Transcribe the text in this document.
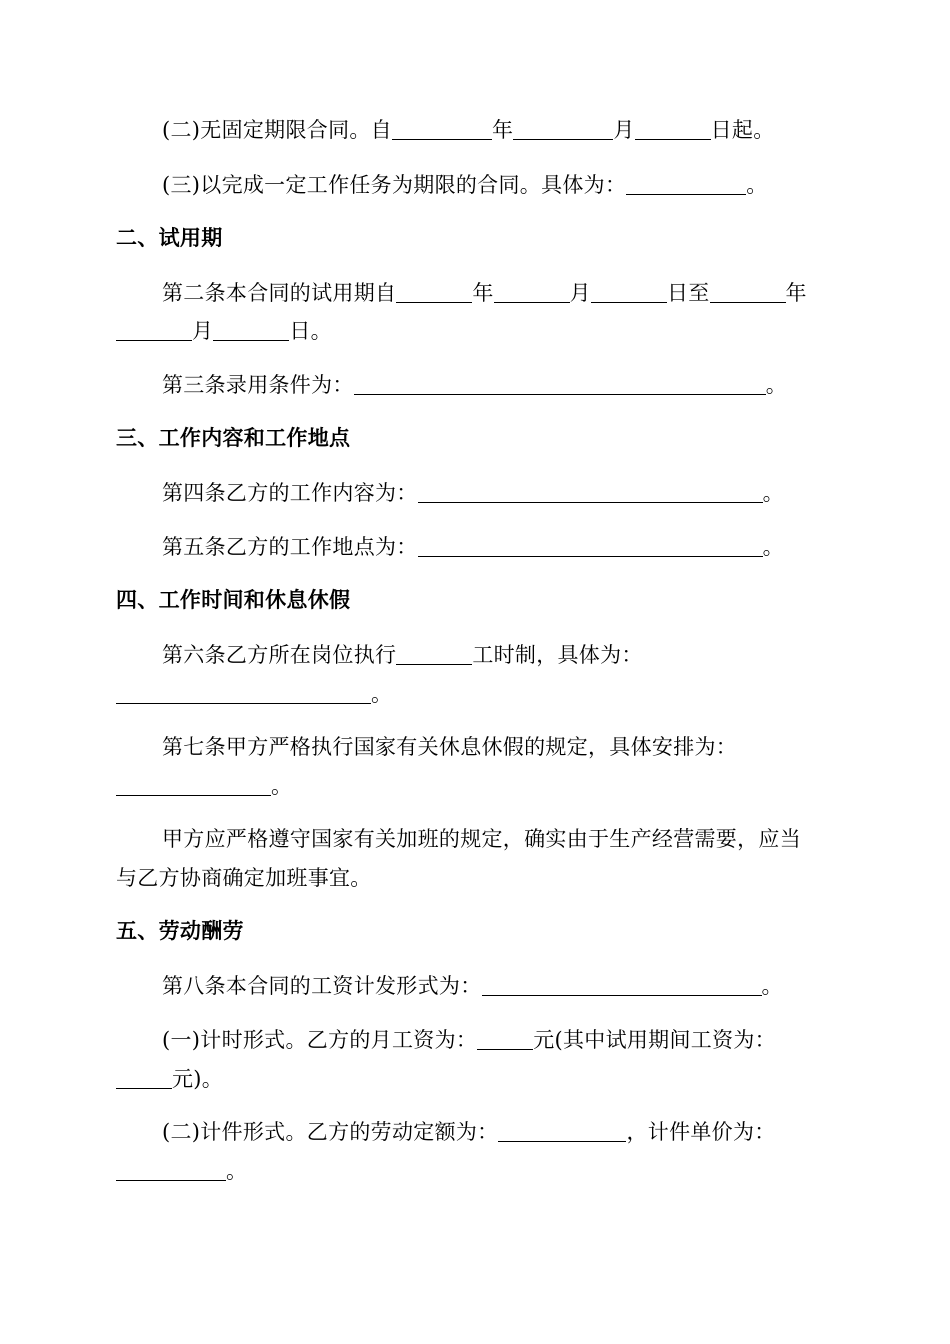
(二)无固定期限合同。自	年	月	日起。
(三)以完成一定工作任务为期限的合同。具体为：	。
二、试用期
第二条本合同的试用期自	年	月	日至	年
月	日。
第三条录用条件为：	。
三、工作内容和工作地点
第四条乙方的工作内容为：	。
第五条乙方的工作地点为：	。
四、工作时间和休息休假
第六条乙方所在岗位执行	工时制，具体为：
。
第七条甲方严格执行国家有关休息休假的规定，具体安排为：
。
甲方应严格遵守国家有关加班的规定，确实由于生产经营需要，应当
与乙方协商确定加班事宜。
五、劳动酬劳
第八条本合同的工资计发形式为：	。
(一)计时形式。乙方的月工资为：	元(其中试用期间工资为：
元)。
(二)计件形式。乙方的劳动定额为：	，计件单价为：
。
